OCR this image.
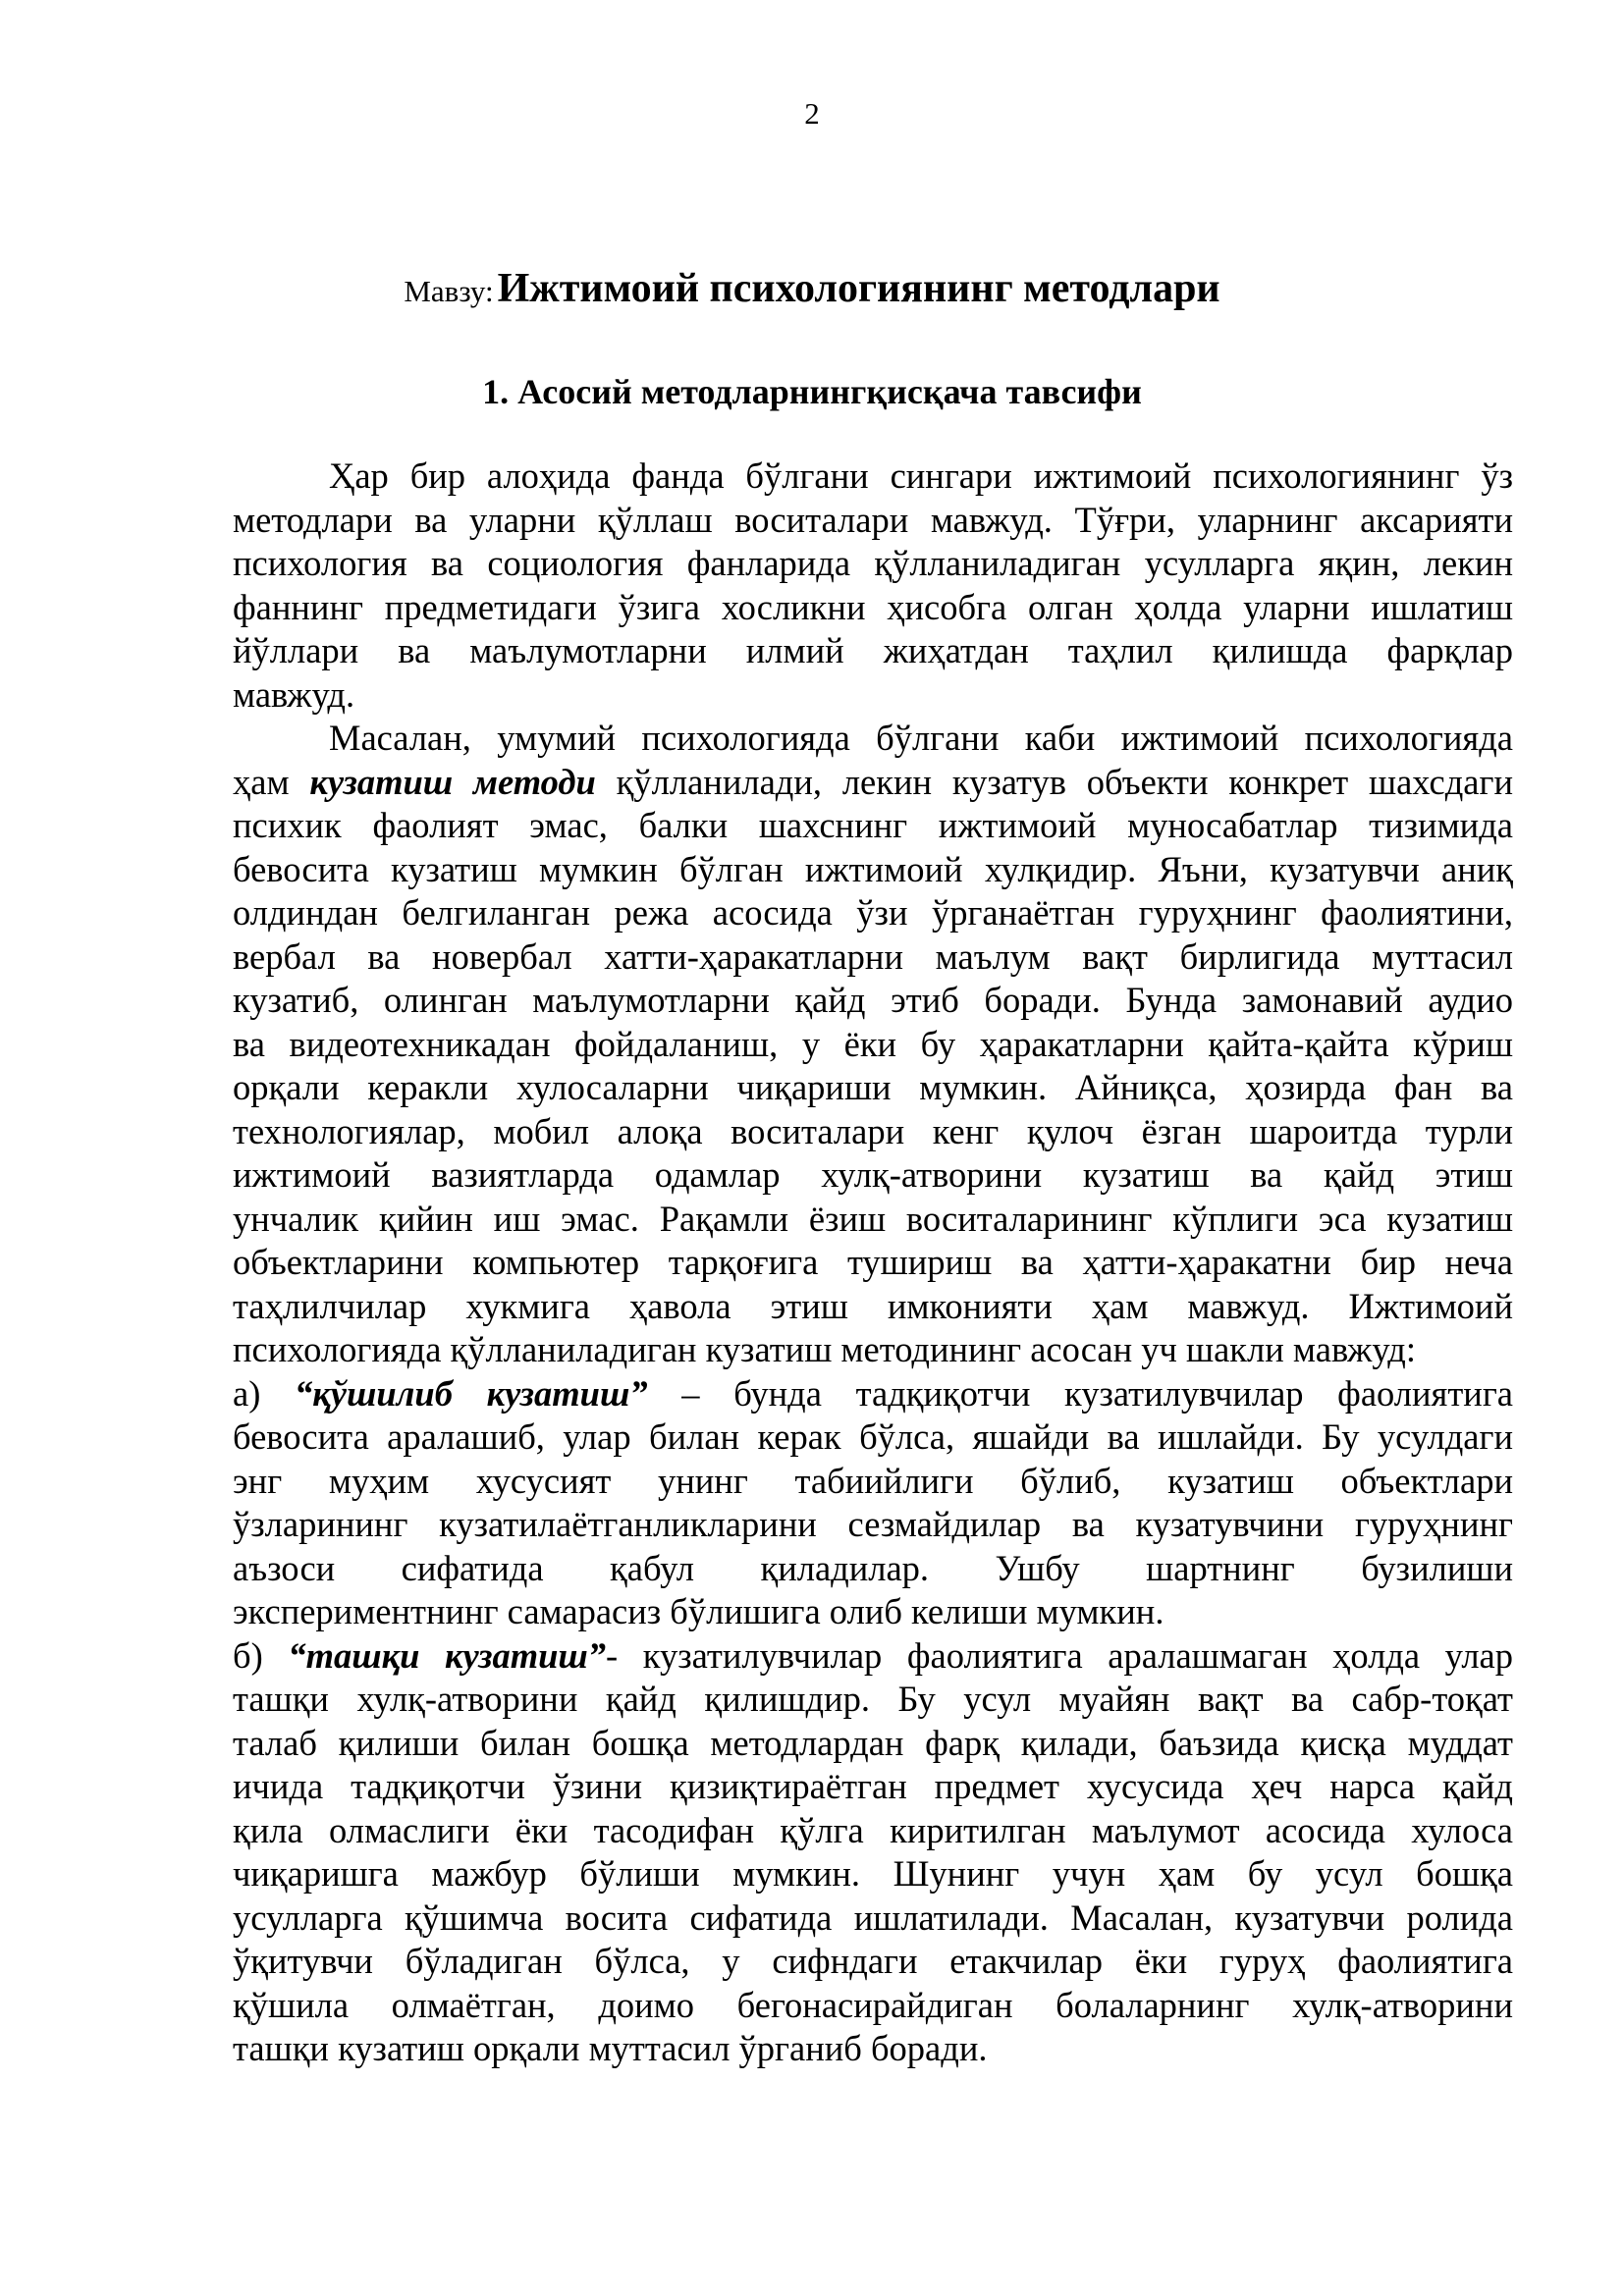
2
Мавзу: Ижтимоий психологиянинг методлари
1. Асосий методларнингқисқача тавсифи
Ҳар бир алоҳида фанда бўлгани сингари ижтимоий психологиянинг ўз
методлари ва уларни қўллаш воситалари мавжуд. Тўғри, уларнинг аксарияти
психология ва социология фанларида қўлланиладиган усулларга яқин, лекин
фаннинг предметидаги ўзига хосликни ҳисобга олган ҳолда уларни ишлатиш
йўллари ва маълумотларни илмий жиҳатдан таҳлил қилишда фарқлар
мавжуд.
Масалан, умумий психологияда бўлгани каби ижтимоий психологияда
ҳам кузатиш методи қўлланилади, лекин кузатув объекти конкрет шахсдаги
психик фаолият эмас, балки шахснинг ижтимоий муносабатлар тизимида
бевосита кузатиш мумкин бўлган ижтимоий хулқидир. Яъни, кузатувчи аниқ
олдиндан белгиланган режа асосида ўзи ўрганаётган гуруҳнинг фаолиятини,
вербал ва новербал хатти-ҳаракатларни маълум вақт бирлигида муттасил
кузатиб, олинган маълумотларни қайд этиб боради. Бунда замонавий аудио
ва видеотехникадан фойдаланиш, у ёки бу ҳаракатларни қайта-қайта кўриш
орқали керакли хулосаларни чиқариши мумкин. Айниқса, ҳозирда фан ва
технологиялар, мобил алоқа воситалари кенг қулоч ёзган шароитда турли
ижтимоий вазиятларда одамлар хулқ-атворини кузатиш ва қайд этиш
унчалик қийин иш эмас. Рақамли ёзиш воситаларининг кўплиги эса кузатиш
объектларини компьютер тарқоғига тушириш ва ҳатти-ҳаракатни бир неча
таҳлилчилар хукмига ҳавола этиш имконияти ҳам мавжуд. Ижтимоий
психологияда қўлланиладиган кузатиш методининг асосан уч шакли мавжуд:
а) “қўшилиб кузатиш” – бунда тадқиқотчи кузатилувчилар фаолиятига
бевосита аралашиб, улар билан керак бўлса, яшайди ва ишлайди. Бу усулдаги
энг муҳим хусусият унинг табиийлиги бўлиб, кузатиш объектлари
ўзларининг кузатилаётганликларини сезмайдилар ва кузатувчини гуруҳнинг
аъзоси сифатида қабул қиладилар. Ушбу шартнинг бузилиши
экспериментнинг самарасиз бўлишига олиб келиши мумкин.
б) “ташқи кузатиш”- кузатилувчилар фаолиятига аралашмаган ҳолда улар
ташқи хулқ-атворини қайд қилишдир. Бу усул муайян вақт ва сабр-тоқат
талаб қилиши билан бошқа методлардан фарқ қилади, баъзида қисқа муддат
ичида тадқиқотчи ўзини қизиқтираётган предмет хусусида ҳеч нарса қайд
қила олмаслиги ёки тасодифан қўлга киритилган маълумот асосида хулоса
чиқаришга мажбур бўлиши мумкин. Шунинг учун ҳам бу усул бошқа
усулларга қўшимча восита сифатида ишлатилади. Масалан, кузатувчи ролида
ўқитувчи бўладиган бўлса, у сифндаги етакчилар ёки гуруҳ фаолиятига
қўшила олмаётган, доимо бегонасирайдиган болаларнинг хулқ-атворини
ташқи кузатиш орқали муттасил ўрганиб боради.
